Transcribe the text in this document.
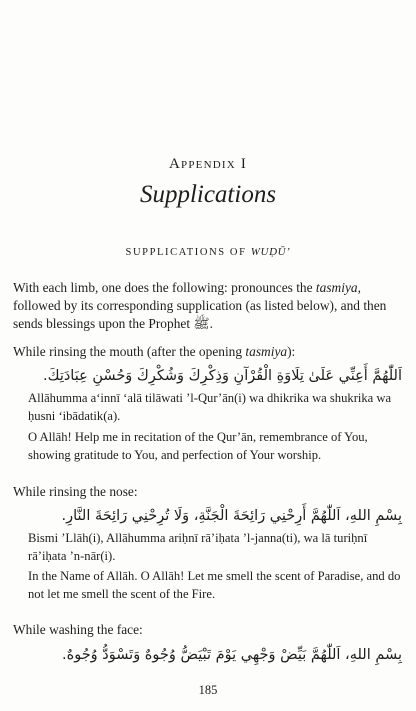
Appendix I
Supplications
SUPPLICATIONS OF WUḌŪ’
With each limb, one does the following: pronounces the tasmiya, followed by its corresponding supplication (as listed below), and then sends blessings upon the Prophet ﷺ.
While rinsing the mouth (after the opening tasmiya):
اَللّٰهُمَّ أَعِنِّي عَلَىٰ تِلَاوَةِ الْقُرْآنِ وَذِكْرِكَ وَشُكْرِكَ وَحُسْنِ عِبَادَتِكَ.
Allāhumma a‘innī ‘alā tilāwati ’l-Qur’ān(i) wa dhikrika wa shukrika wa ḥusni ‘ibādatik(a).
O Allāh! Help me in recitation of the Qur’ān, remembrance of You, showing gratitude to You, and perfection of Your worship.
While rinsing the nose:
بِسْمِ اللهِ، اَللّٰهُمَّ أَرِحْنِي رَائِحَةَ الْجَنَّةِ، وَلَا تُرِحْنِي رَائِحَةَ النَّارِ.
Bismi ’Llāh(i), Allāhumma ariḥnī rā’iḥata ’l-janna(ti), wa lā turiḥnī rā’iḥata ’n-nār(i).
In the Name of Allāh. O Allāh! Let me smell the scent of Paradise, and do not let me smell the scent of the Fire.
While washing the face:
بِسْمِ اللهِ، اَللّٰهُمَّ بَيِّضْ وَجْهِي يَوْمَ تَبْيَضُّ وُجُوهٌ وَتَسْوَدُّ وُجُوهٌ.
185
